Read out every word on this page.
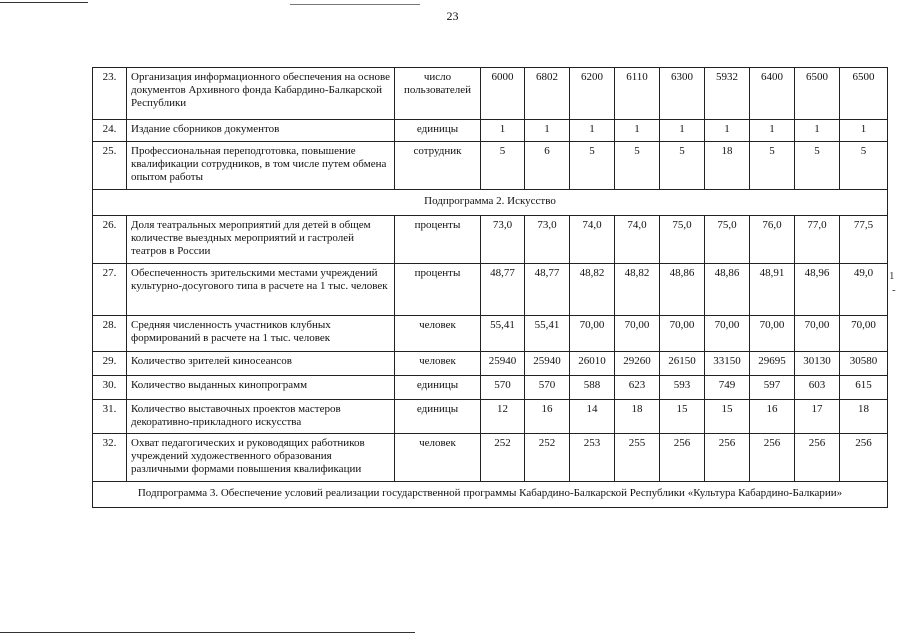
23
23.	Организация информационного обеспечения на основе документов Архивного фонда Кабардино-Балкарской Республики	число пользователей	6000	6802	6200	6110	6300	5932	6400	6500	6500
24.	Издание сборников документов	единицы	1	1	1	1	1	1	1	1	1
25.	Профессиональная переподготовка, повышение квалификации сотрудников, в том числе путем обмена опытом работы	сотрудник	5	6	5	5	5	18	5	5	5
Подпрограмма 2. Искусство											
26.	Доля театральных мероприятий для детей в общем количестве выездных мероприятий и гастролей театров в России	проценты	73,0	73,0	74,0	74,0	75,0	75,0	76,0	77,0	77,5
27.	Обеспеченность зрительскими местами учреждений культурно-досугового типа в расчете на 1 тыс. человек	проценты	48,77	48,77	48,82	48,82	48,86	48,86	48,91	48,96	49,0
28.	Средняя численность участников клубных формирований в расчете на 1 тыс. человек	человек	55,41	55,41	70,00	70,00	70,00	70,00	70,00	70,00	70,00
29.	Количество зрителей киносеансов	человек	25940	25940	26010	29260	26150	33150	29695	30130	30580
30.	Количество выданных кинопрограмм	единицы	570	570	588	623	593	749	597	603	615
31.	Количество выставочных проектов мастеров декоративно-прикладного искусства	единицы	12	16	14	18	15	15	16	17	18
32.	Охват педагогических и руководящих работников учреждений художественного образования различными формами повышения квалификации	человек	252	252	253	255	256	256	256	256	256
Подпрограмма 3. Обеспечение условий реализации государственной программы Кабардино-Балкарской Республики «Культура Кабардино-Балкарии»											
1
-
